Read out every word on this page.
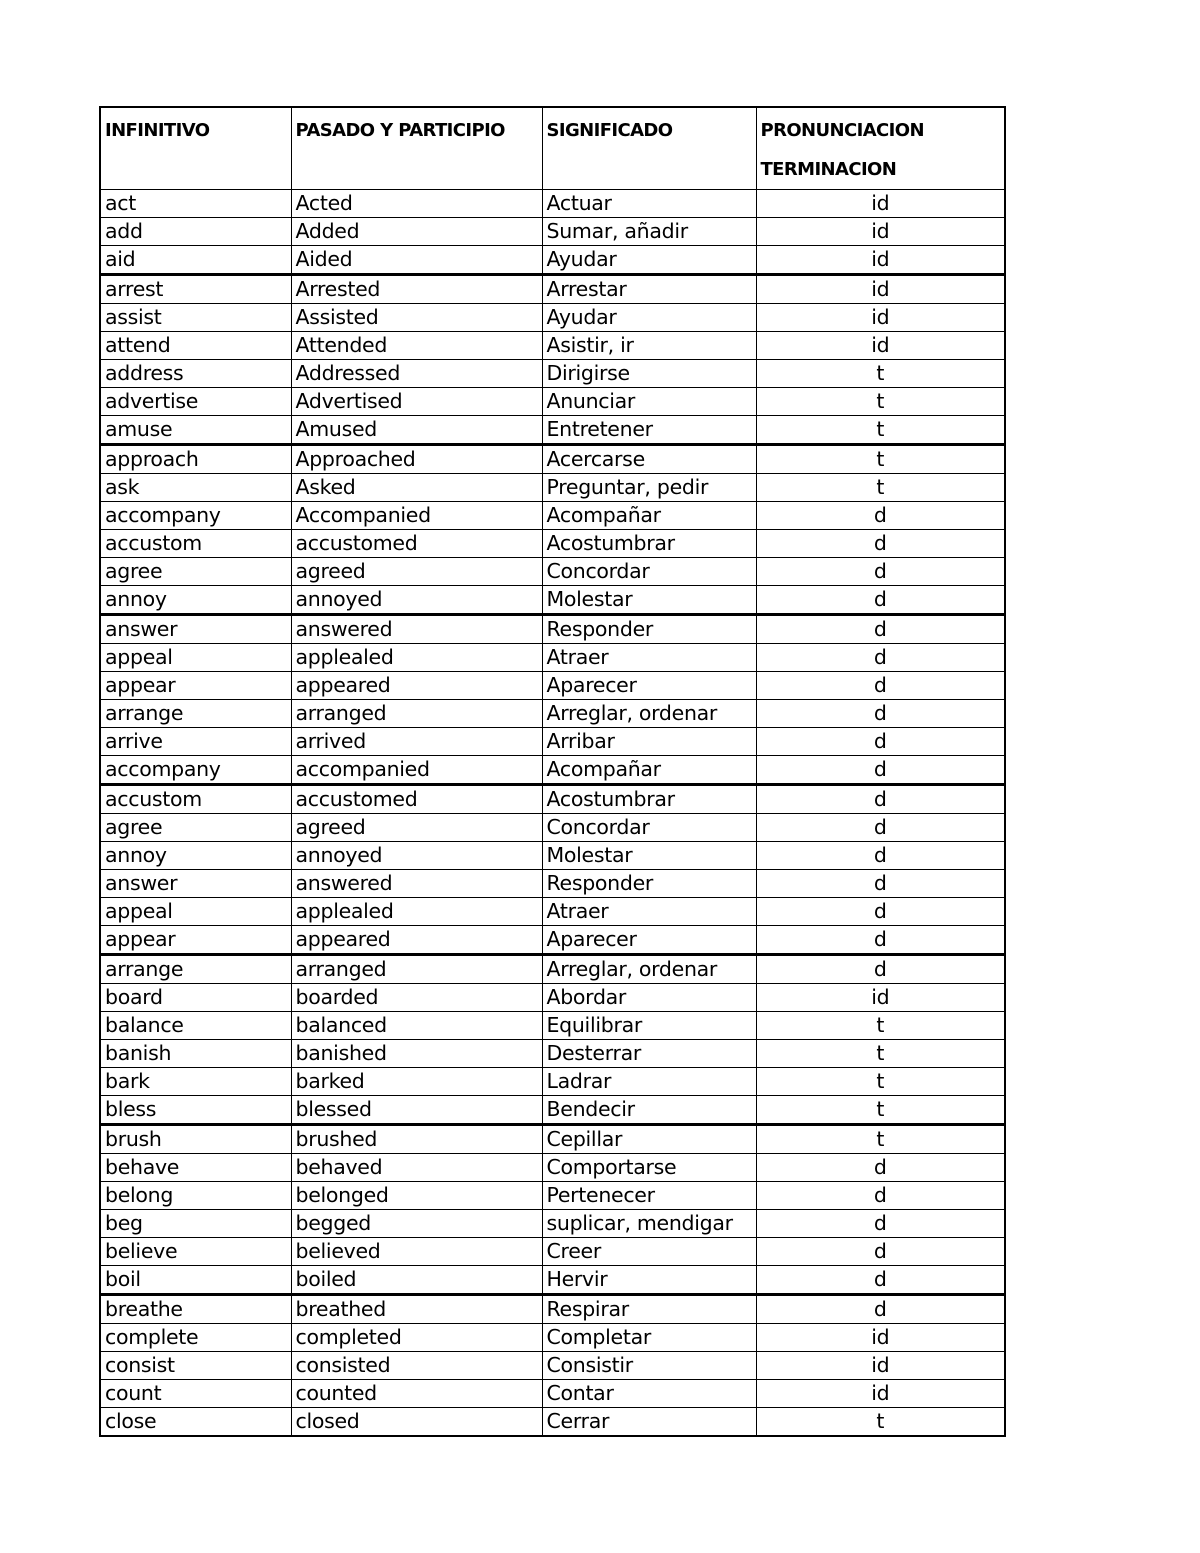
INFINITIVO	PASADO Y PARTICIPIO	SIGNIFICADO	PRONUNCIACION
TERMINACION

act	Acted	Actuar	id
add	Added	Sumar, añadir	id
aid	Aided	Ayudar	id
arrest	Arrested	Arrestar	id
assist	Assisted	Ayudar	id
attend	Attended	Asistir, ir	id
address	Addressed	Dirigirse	t
advertise	Advertised	Anunciar	t
amuse	Amused	Entretener	t
approach	Approached	Acercarse	t
ask	Asked	Preguntar, pedir	t
accompany	Accompanied	Acompañar	d
accustom	accustomed	Acostumbrar	d
agree	agreed	Concordar	d
annoy	annoyed	Molestar	d
answer	answered	Responder	d
appeal	applealed	Atraer	d
appear	appeared	Aparecer	d
arrange	arranged	Arreglar, ordenar	d
arrive	arrived	Arribar	d
accompany	accompanied	Acompañar	d
accustom	accustomed	Acostumbrar	d
agree	agreed	Concordar	d
annoy	annoyed	Molestar	d
answer	answered	Responder	d
appeal	applealed	Atraer	d
appear	appeared	Aparecer	d
arrange	arranged	Arreglar, ordenar	d
board	boarded	Abordar	id
balance	balanced	Equilibrar	t
banish	banished	Desterrar	t
bark	barked	Ladrar	t
bless	blessed	Bendecir	t
brush	brushed	Cepillar	t
behave	behaved	Comportarse	d
belong	belonged	Pertenecer	d
beg	begged	suplicar, mendigar	d
believe	believed	Creer	d
boil	boiled	Hervir	d
breathe	breathed	Respirar	d
complete	completed	Completar	id
consist	consisted	Consistir	id
count	counted	Contar	id
close	closed	Cerrar	t
